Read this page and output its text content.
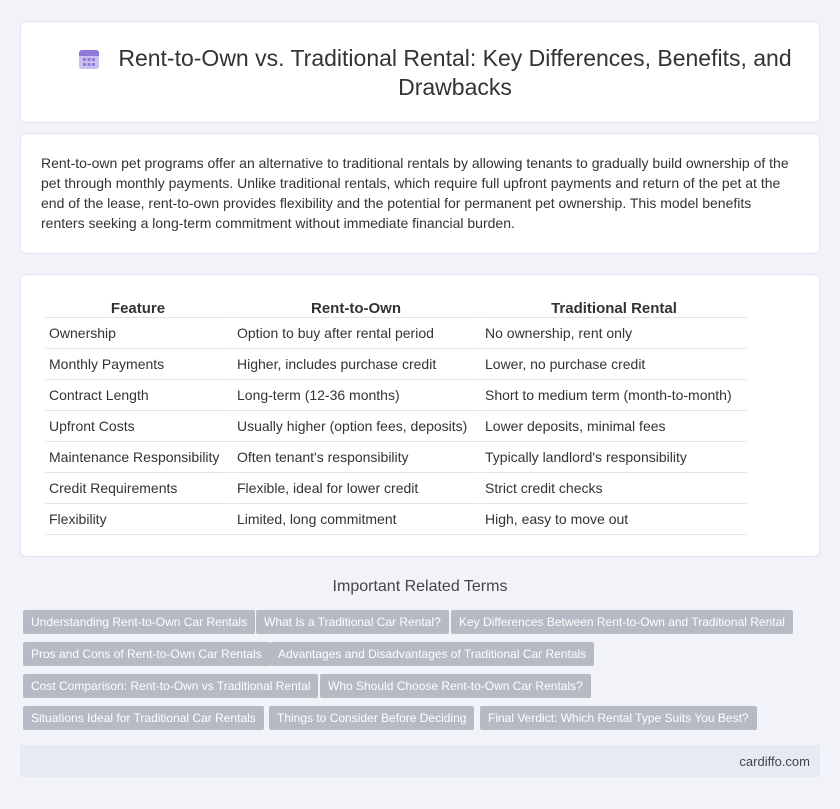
Rent-to-Own vs. Traditional Rental: Key Differences, Benefits, and Drawbacks

Rent-to-own pet programs offer an alternative to traditional rentals by allowing tenants to gradually build ownership of the pet through monthly payments. Unlike traditional rentals, which require full upfront payments and return of the pet at the end of the lease, rent-to-own provides flexibility and the potential for permanent pet ownership. This model benefits renters seeking a long-term commitment without immediate financial burden.

Feature	Rent-to-Own	Traditional Rental
Ownership	Option to buy after rental period	No ownership, rent only
Monthly Payments	Higher, includes purchase credit	Lower, no purchase credit
Contract Length	Long-term (12-36 months)	Short to medium term (month-to-month)
Upfront Costs	Usually higher (option fees, deposits)	Lower deposits, minimal fees
Maintenance Responsibility	Often tenant's responsibility	Typically landlord's responsibility
Credit Requirements	Flexible, ideal for lower credit	Strict credit checks
Flexibility	Limited, long commitment	High, easy to move out
Important Related Terms
Understanding Rent-to-Own Car Rentals	What Is a Traditional Car Rental?	Key Differences Between Rent-to-Own and Traditional Rental
Pros and Cons of Rent-to-Own Car Rentals	Advantages and Disadvantages of Traditional Car Rentals
Cost Comparison: Rent-to-Own vs Traditional Rental	Who Should Choose Rent-to-Own Car Rentals?
Situations Ideal for Traditional Car Rentals	Things to Consider Before Deciding	Final Verdict: Which Rental Type Suits You Best?
cardiffo.com
